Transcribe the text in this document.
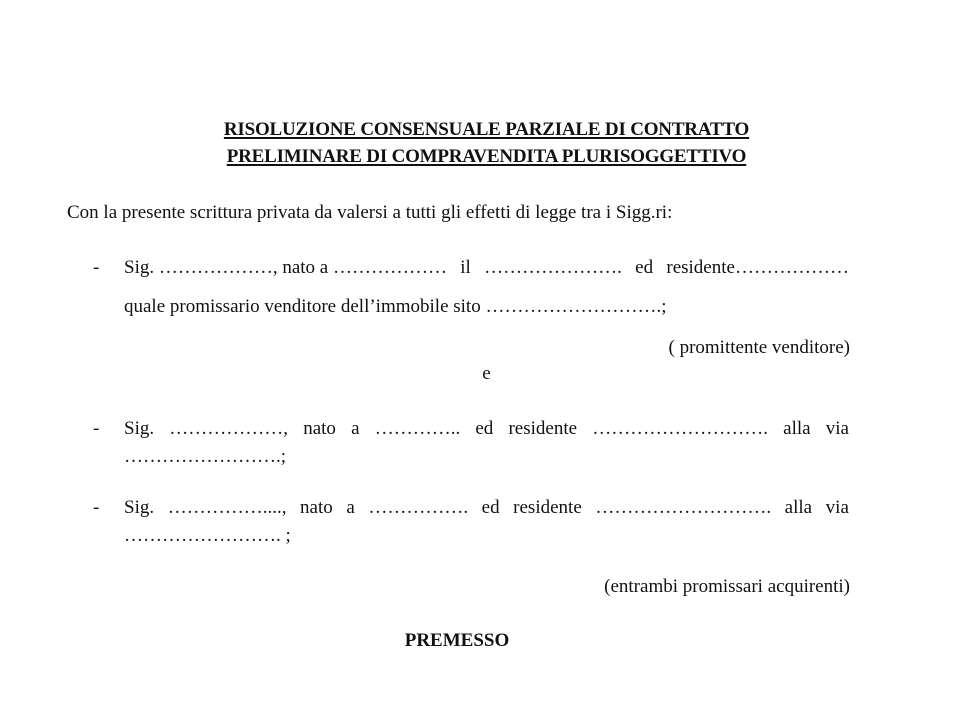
RISOLUZIONE CONSENSUALE PARZIALE DI CONTRATTO
PRELIMINARE DI COMPRAVENDITA PLURISOGGETTIVO
Con la presente scrittura privata da valersi a tutti gli effetti di legge tra i Sigg.ri:
- Sig. ………………, nato a ……………… il …………………. ed residente………………
quale promissario venditore dell’immobile sito ……………………….;
( promittente venditore)
e
- Sig. ………………, nato a ………….. ed residente ………………………. alla via
…………………….;
- Sig. ……………...., nato a ……………. ed residente ………………………. alla via
……………………. ;
(entrambi promissari acquirenti)
PREMESSO
